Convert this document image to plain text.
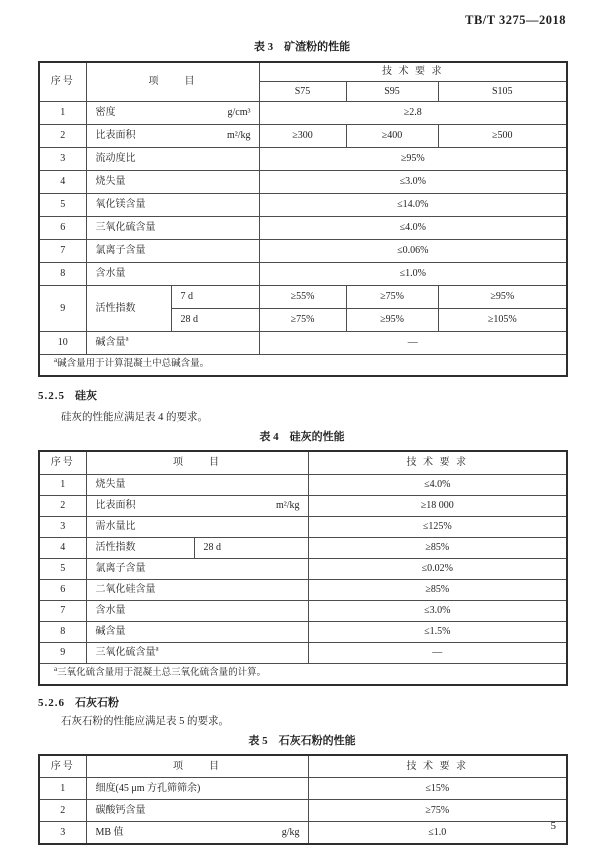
TB/T 3275—2018
表 3　矿渣粉的性能
序号	项　　目		技 术 要 求		
			S75	S95	S105
1	密度 g/cm³		≥2.8		
2	比表面积 m²/kg		≥300	≥400	≥500
3	流动度比		≥95%		
4	烧失量		≤3.0%		
5	氧化镁含量		≤14.0%		
6	三氧化硫含量		≤4.0%		
7	氯离子含量		≤0.06%		
8	含水量		≤1.0%		
9	活性指数	7 d	≥55%	≥75%	≥95%

		28 d	≥75%	≥95%	≥105%
10	碱含量$^a$		—		
$^a$碱含量用于计算混凝土中总碱含量。					
5.2.5 硅灰
硅灰的性能应满足表 4 的要求。
表 4　硅灰的性能
序号	项　　目		技 术 要 求
1	烧失量		≤4.0%
2	比表面积 m²/kg		≥18 000
3	需水量比		≤125%
4	活性指数	28 d	≥85%
5	氯离子含量		≤0.02%
6	二氧化硅含量		≥85%
7	含水量		≤3.0%
8	碱含量		≤1.5%
9	三氧化硫含量$^a$		—
$^a$三氧化硫含量用于混凝土总三氧化硫含量的计算。			
5.2.6 石灰石粉
石灰石粉的性能应满足表 5 的要求。
表 5　石灰石粉的性能
序号	项　　目	技 术 要 求
1	细度(45 μm 方孔筛筛余)	≤15%
2	碳酸钙含量	≥75%
3	MB 值 g/kg	≤1.0	5
